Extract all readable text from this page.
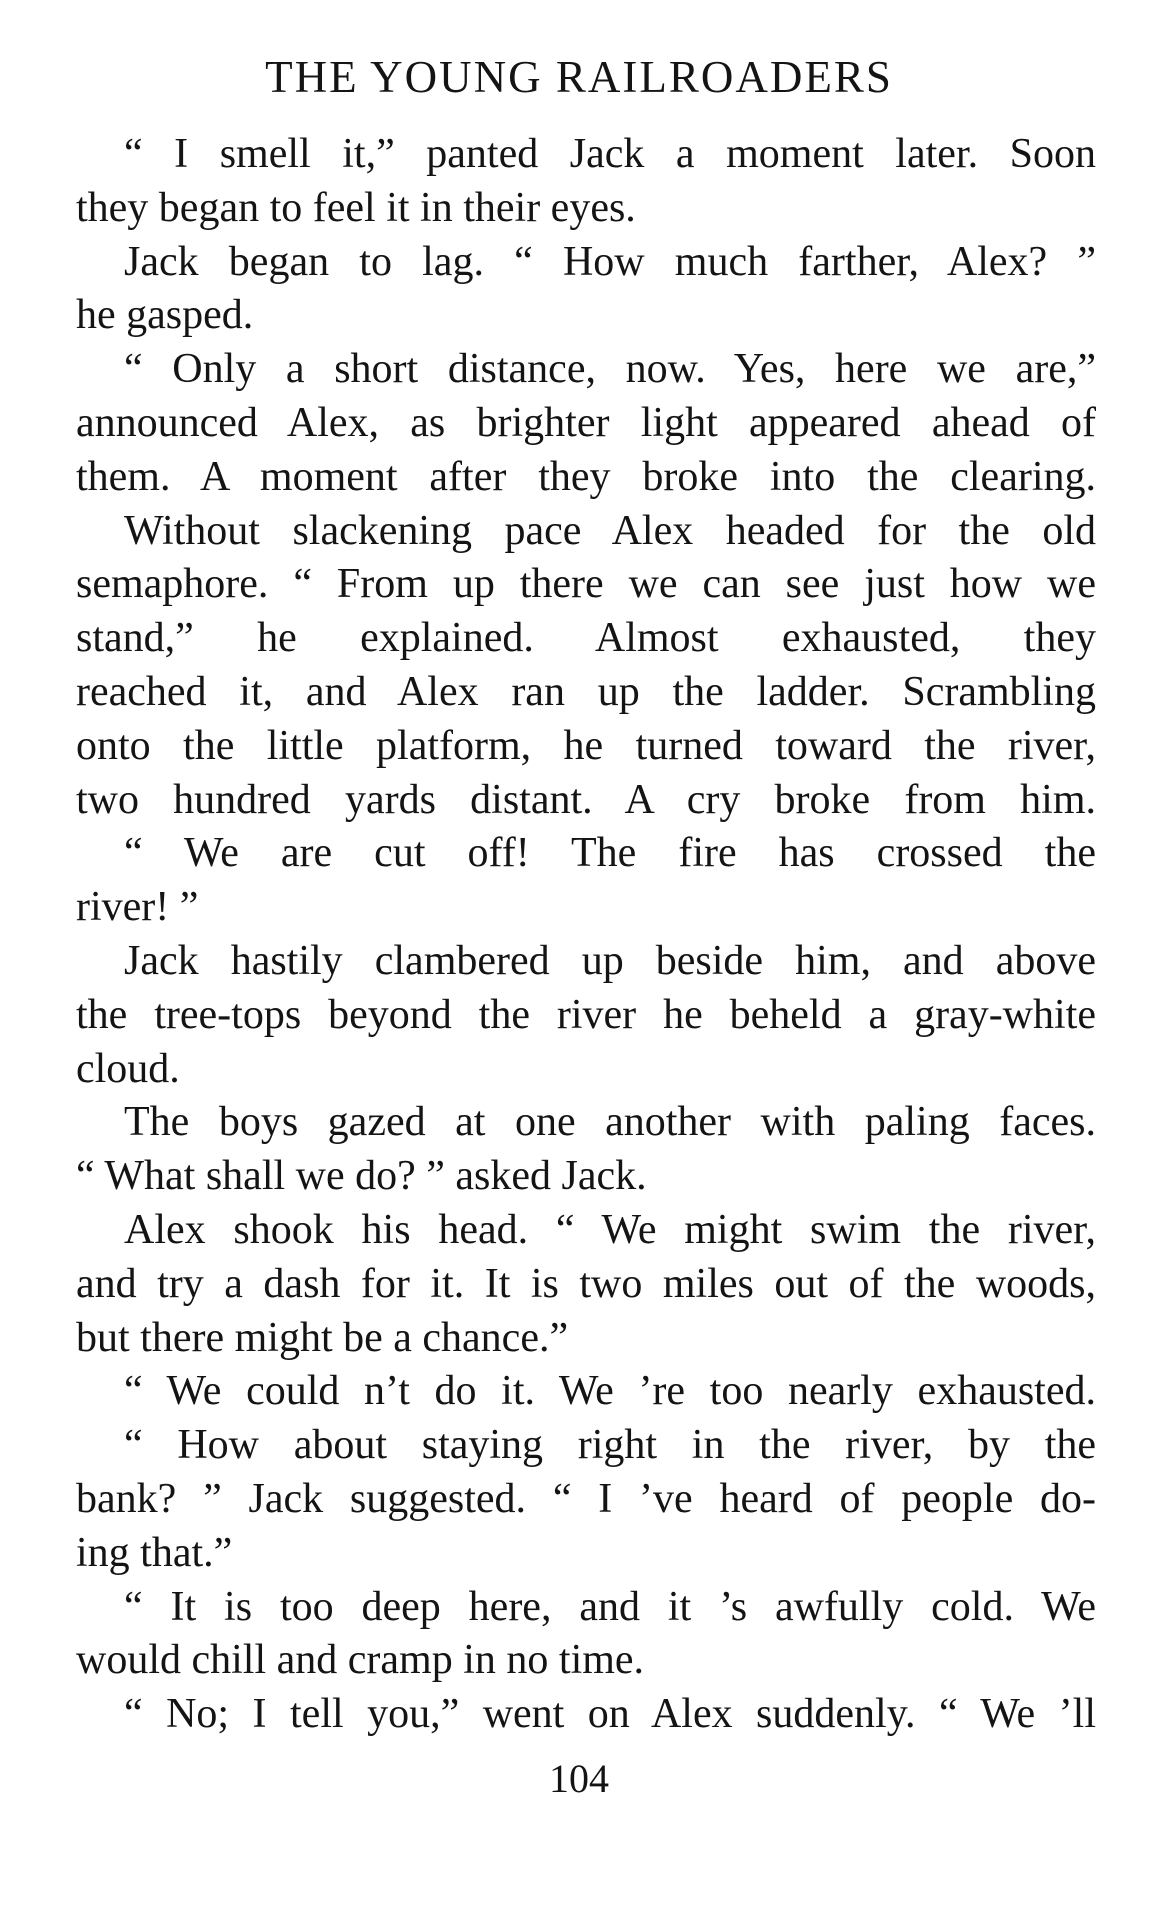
THE YOUNG RAILROADERS
“ I smell it,” panted Jack a moment later. Soon
they began to feel it in their eyes.
Jack began to lag. “ How much farther, Alex? ”
he gasped.
“ Only a short distance, now. Yes, here we are,”
announced Alex, as brighter light appeared ahead of
them. A moment after they broke into the clearing.
Without slackening pace Alex headed for the old
semaphore. “ From up there we can see just how we
stand,” he explained. Almost exhausted, they
reached it, and Alex ran up the ladder. Scrambling
onto the little platform, he turned toward the river,
two hundred yards distant. A cry broke from him.
“ We are cut off! The fire has crossed the
river! ”
Jack hastily clambered up beside him, and above
the tree-tops beyond the river he beheld a gray-white
cloud.
The boys gazed at one another with paling faces.
“ What shall we do? ” asked Jack.
Alex shook his head. “ We might swim the river,
and try a dash for it. It is two miles out of the woods,
but there might be a chance.”
“ We could n’t do it. We ’re too nearly exhausted.
“ How about staying right in the river, by the
bank? ” Jack suggested. “ I ’ve heard of people do-
ing that.”
“ It is too deep here, and it ’s awfully cold. We
would chill and cramp in no time.
“ No; I tell you,” went on Alex suddenly. “ We ’ll
104
